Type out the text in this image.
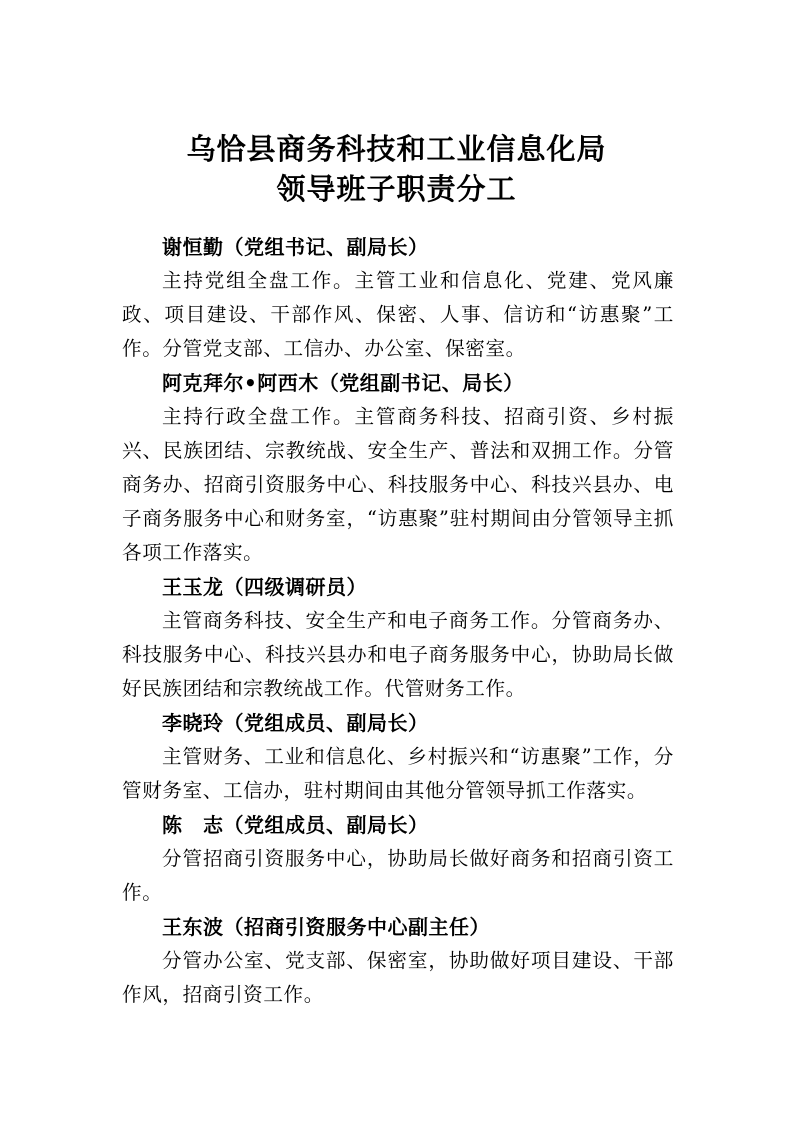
乌恰县商务科技和工业信息化局
领导班子职责分工
谢恒勤（党组书记、副局长）

主持党组全盘工作。主管工业和信息化、党建、党风廉政、项目建设、干部作风、保密、人事、信访和“访惠聚”工作。分管党支部、工信办、办公室、保密室。

阿克拜尔•阿西木（党组副书记、局长）

主持行政全盘工作。主管商务科技、招商引资、乡村振兴、民族团结、宗教统战、安全生产、普法和双拥工作。分管商务办、招商引资服务中心、科技服务中心、科技兴县办、电子商务服务中心和财务室，“访惠聚”驻村期间由分管领导主抓各项工作落实。

王玉龙（四级调研员）

主管商务科技、安全生产和电子商务工作。分管商务办、科技服务中心、科技兴县办和电子商务服务中心，协助局长做好民族团结和宗教统战工作。代管财务工作。

李晓玲（党组成员、副局长）

主管财务、工业和信息化、乡村振兴和“访惠聚”工作，分管财务室、工信办，驻村期间由其他分管领导抓工作落实。

陈　志（党组成员、副局长）

分管招商引资服务中心，协助局长做好商务和招商引资工作。

王东波（招商引资服务中心副主任）

分管办公室、党支部、保密室，协助做好项目建设、干部作风，招商引资工作。
